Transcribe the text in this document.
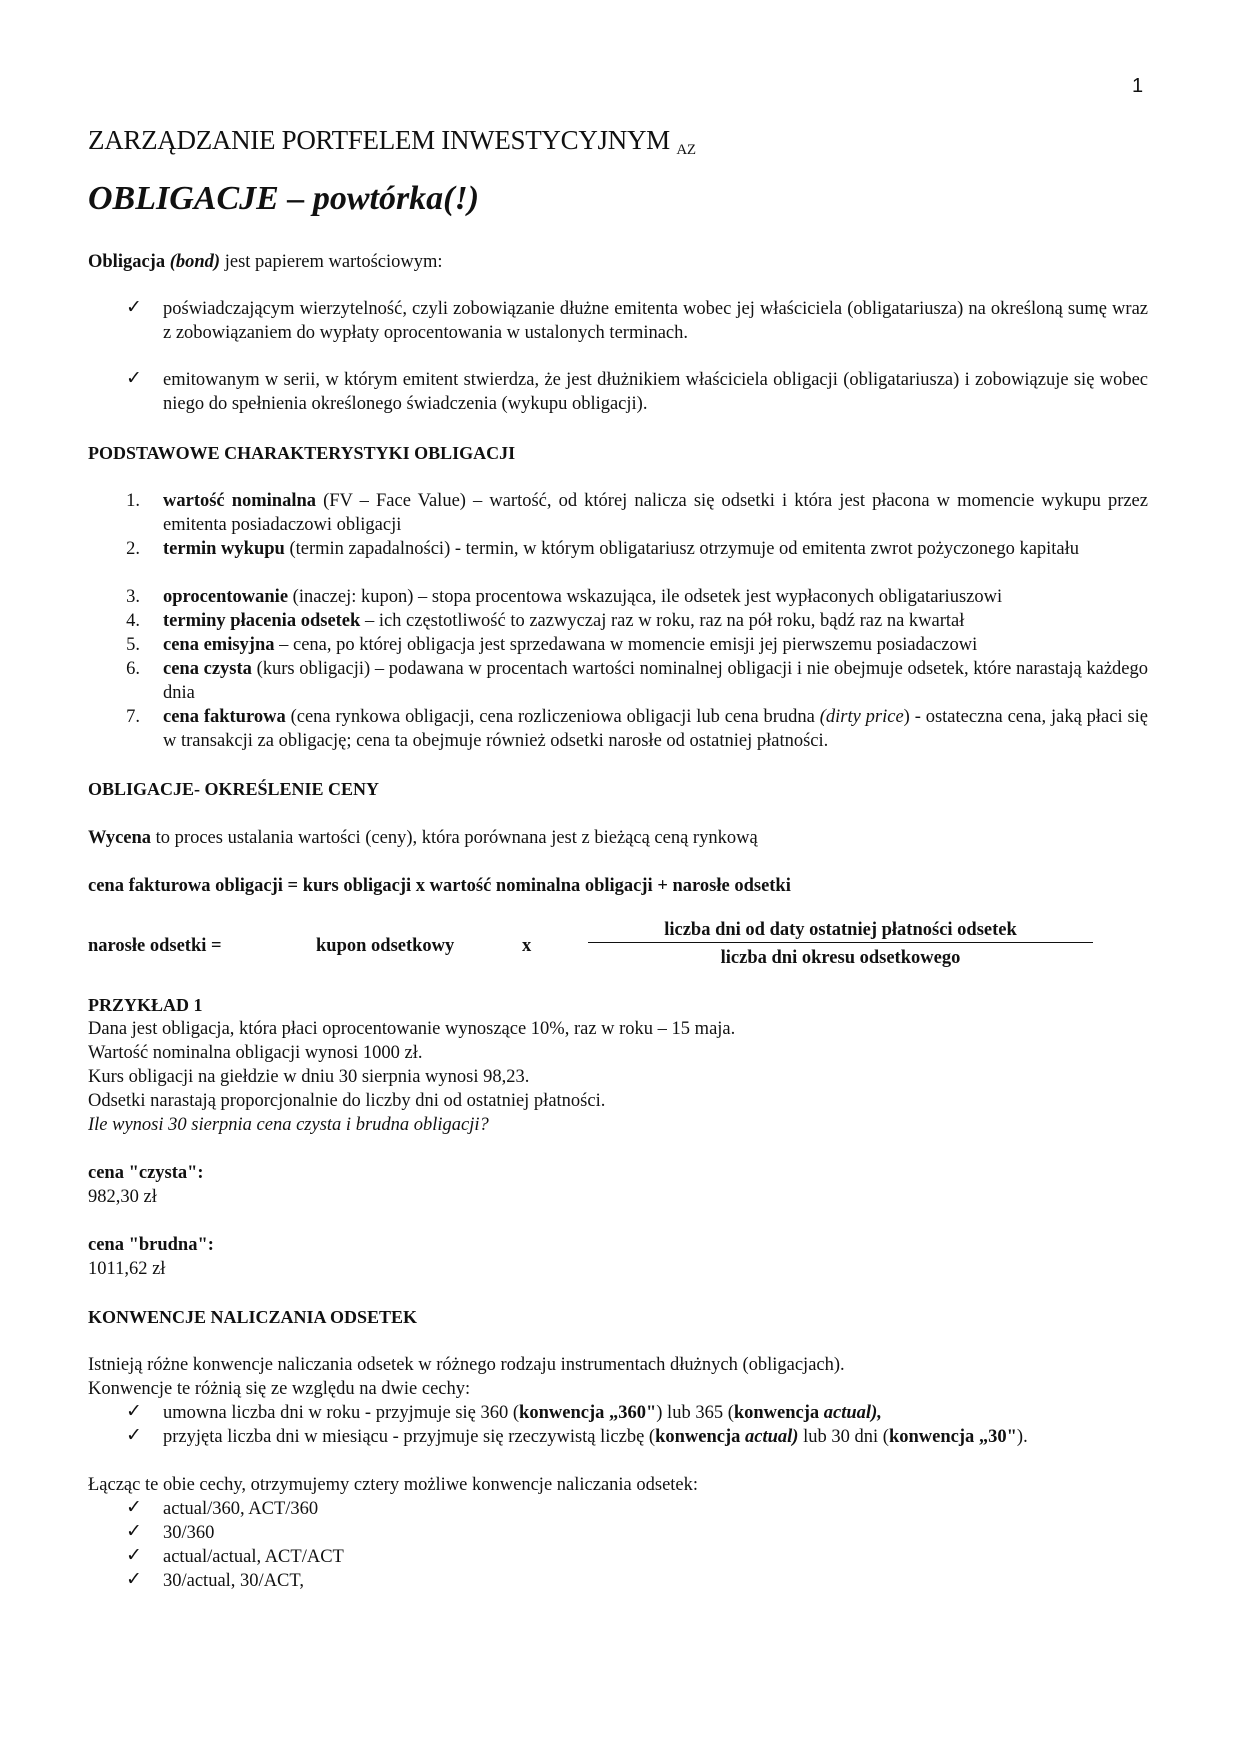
1
ZARZĄDZANIE PORTFELEM INWESTYCYJNYM $_{AZ}$
OBLIGACJE – powtórka(!)
Obligacja (bond) jest papierem wartościowym:
✓ poświadczającym wierzytelność, czyli zobowiązanie dłużne emitenta wobec jej właściciela (obligatariusza) na określoną sumę wraz z zobowiązaniem do wypłaty oprocentowania w ustalonych terminach.
✓ emitowanym w serii, w którym emitent stwierdza, że jest dłużnikiem właściciela obligacji (obligatariusza) i zobowiązuje się wobec niego do spełnienia określonego świadczenia (wykupu obligacji).
PODSTAWOWE CHARAKTERYSTYKI OBLIGACJI
1. wartość nominalna (FV – Face Value) – wartość, od której nalicza się odsetki i która jest płacona w momencie wykupu przez emitenta posiadaczowi obligacji
2. termin wykupu (termin zapadalności) - termin, w którym obligatariusz otrzymuje od emitenta zwrot pożyczonego kapitału
3. oprocentowanie (inaczej: kupon) – stopa procentowa wskazująca, ile odsetek jest wypłaconych obligatariuszowi
4. terminy płacenia odsetek – ich częstotliwość to zazwyczaj raz w roku, raz na pół roku, bądź raz na kwartał
5. cena emisyjna – cena, po której obligacja jest sprzedawana w momencie emisji jej pierwszemu posiadaczowi
6. cena czysta (kurs obligacji) – podawana w procentach wartości nominalnej obligacji i nie obejmuje odsetek, które narastają każdego dnia
7. cena fakturowa (cena rynkowa obligacji, cena rozliczeniowa obligacji lub cena brudna (dirty price) - ostateczna cena, jaką płaci się w transakcji za obligację; cena ta obejmuje również odsetki narosłe od ostatniej płatności.
OBLIGACJE- OKREŚLENIE CENY
Wycena to proces ustalania wartości (ceny), która porównana jest z bieżącą ceną rynkową
cena fakturowa obligacji = kurs obligacji x wartość nominalna obligacji + narosłe odsetki
narosłe odsetki =	kupon odsetkowy	x
liczba dni od daty ostatniej płatności odsetek
liczba dni okresu odsetkowego
PRZYKŁAD 1
Dana jest obligacja, która płaci oprocentowanie wynoszące 10%, raz w roku – 15 maja.
Wartość nominalna obligacji wynosi 1000 zł.
Kurs obligacji na giełdzie w dniu 30 sierpnia wynosi 98,23.
Odsetki narastają proporcjonalnie do liczby dni od ostatniej płatności.
Ile wynosi 30 sierpnia cena czysta i brudna obligacji?
cena "czysta":
982,30 zł
cena "brudna":
1011,62 zł
KONWENCJE NALICZANIA ODSETEK
Istnieją różne konwencje naliczania odsetek w różnego rodzaju instrumentach dłużnych (obligacjach).
Konwencje te różnią się ze względu na dwie cechy:
✓ umowna liczba dni w roku - przyjmuje się 360 (konwencja „360") lub 365 (konwencja actual),
✓ przyjęta liczba dni w miesiącu - przyjmuje się rzeczywistą liczbę (konwencja actual) lub 30 dni (konwencja „30").
Łącząc te obie cechy, otrzymujemy cztery możliwe konwencje naliczania odsetek:
✓ actual/360, ACT/360
✓ 30/360
✓ actual/actual, ACT/ACT
✓ 30/actual, 30/ACT,
